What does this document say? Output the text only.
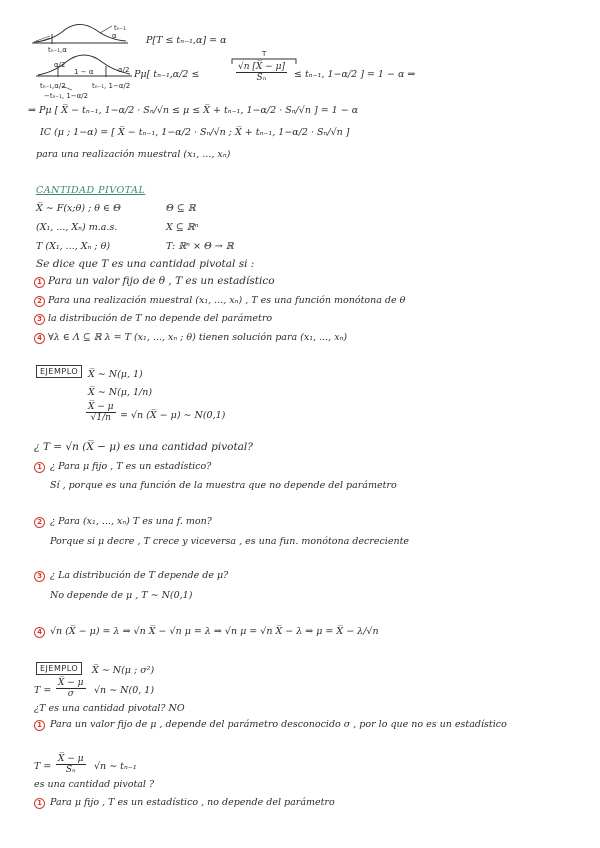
α
tₙ₋₁
tₙ₋₁,α
P[T ≤ tₙ₋₁,α] = α
α/2
α/2
1 − α
tₙ₋₁,α/2	tₙ₋₁, 1−α/2
−tₙ₋₁, 1−α/2
T
Pμ[ tₙ₋₁,α/2 ≤	$\frac{√n [X̅ - \mu]}{\text{Sₙ}} \le t_{n-1}$, 1−α/2 ] = 1 − α ⇒
⇒ Pμ [ X̅ − tₙ₋₁, 1−α/2 · Sₙ/√n ≤ μ ≤ X̅ + tₙ₋₁, 1−α/2 · Sₙ/√n ] = 1 − α
IC (μ ; 1−α) = [ X̅ − tₙ₋₁, 1−α/2 · Sₙ/√n ; X̅ + tₙ₋₁, 1−α/2 · Sₙ/√n ]
para una realización muestral (x₁, ..., xₙ)
CANTIDAD PIVOTAL
X̅ ∼ F(x;θ) ; θ ∈ Θ	Θ ⊆ ℝ
(X₁, ..., Xₙ) m.a.s.	X ⊆ ℝⁿ
T (X₁, ..., Xₙ ; θ)	T: ℝⁿ × Θ → ℝ
Se dice que T es una cantidad pivotal si :
1 Para un valor fijo de θ , T es un estadístico
2 Para una realización muestral (x₁, ..., xₙ) , T es una función monótona de θ
3 la distribución de T no depende del parámetro
4 ∀λ ∈ Λ ⊆ ℝ λ = T (x₁, ..., xₙ ; θ) tienen solución para (x₁, ..., xₙ)
EJEMPLO	X̅ ∼ N(μ, 1)
X̅ ∼ N(μ, 1/n)
$\frac{X̅ - \mu}{√1/n} = √n$ (X̅ − μ) ∼ N(0,1)
¿ T = √n (X̅ − μ) es una cantidad pivotal?
1 ¿ Para μ fijo , T es un estadístico?
Sí , porque es una función de la muestra que no depende del parámetro
2 ¿ Para (x₁, ..., xₙ) T es una f. mon?
Porque si μ decre , T crece y viceversa , es una fun. monótona decreciente
3 ¿ La distribución de T depende de μ?
No depende de μ , T ∼ N(0,1)
4 √n (X̅ − μ) = λ ⇒ √n X̅ − √n μ = λ ⇒ √n μ = √n X̅ − λ ⇒ μ = X̅ − λ/√n
EJEMPLO	X̅ ∼ N(μ ; σ²)
$T = \frac{X̅ - \mu}{\sigma} √n$ ∼ N(0, 1)
¿T es una cantidad pivotal? NO
1 Para un valor fijo de μ , depende del parámetro desconocido σ , por lo que no es un estadístico
$T = \frac{X̅ - \mu}{\text{Sₙ}} √n$ ∼ tₙ₋₁
es una cantidad pivotal ?
1 Para μ fijo , T es un estadístico , no depende del parámetro
